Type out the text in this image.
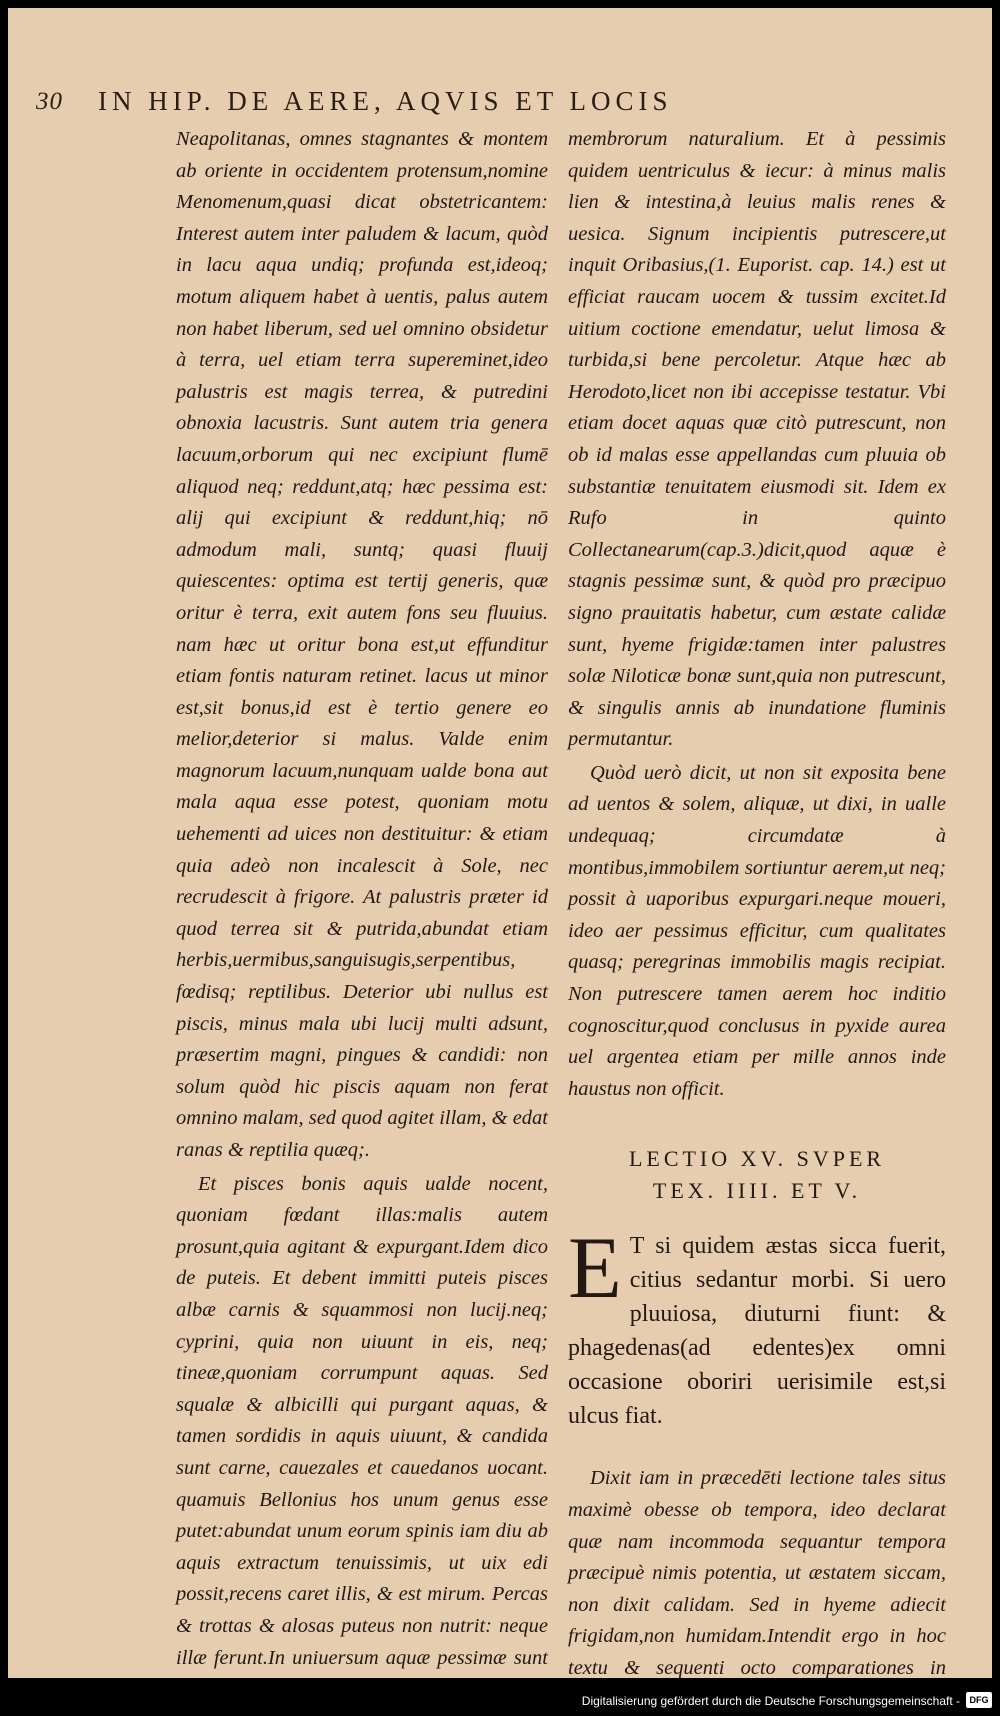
30 IN HIP. DE AERE, AQVIS ET LOCIS

Neapolitanas, omnes stagnantes & montem ab oriente in occidentem protensum,nomine Menomenum,quasi dicat obstetricantem: Interest autem inter paludem & lacum, quòd in lacu aqua undiq; profunda est,ideoq; motum aliquem habet à uentis, palus autem non habet liberum, sed uel omnino obsidetur à terra, uel etiam terra supereminet,ideo palustris est magis terrea, & putredini obnoxia lacustris. Sunt autem tria genera lacuum,orborum qui nec excipiunt flumē aliquod neq; reddunt,atq; hæc pessima est: alij qui excipiunt & reddunt,hiq; nō admodum mali, suntq; quasi fluuij quiescentes: optima est tertij generis, quæ oritur è terra, exit autem fons seu fluuius. nam hæc ut oritur bona est,ut effunditur etiam fontis naturam retinet. lacus ut minor est,sit bonus,id est è tertio genere eo melior,deterior si malus. Valde enim magnorum lacuum,nunquam ualde bona aut mala aqua esse potest, quoniam motu uehementi ad uices non destituitur: & etiam quia adeò non incalescit à Sole, nec recrudescit à frigore. At palustris præter id quod terrea sit & putrida,abundat etiam herbis,uermibus,sanguisugis,serpentibus, fœdisq; reptilibus. Deterior ubi nullus est piscis, minus mala ubi lucij multi adsunt, præsertim magni, pingues & candidi: non solum quòd hic piscis aquam non ferat omnino malam, sed quod agitet illam, & edat ranas & reptilia quæq;.

Et pisces bonis aquis ualde nocent, quoniam fœdant illas:malis autem prosunt,quia agitant & expurgant.Idem dico de puteis. Et debent immitti puteis pisces albæ carnis & squammosi non lucij.neq; cyprini, quia non uiuunt in eis, neq; tineæ,quoniam corrumpunt aquas. Sed squalæ & albicilli qui purgant aquas, & tamen sordidis in aquis uiuunt, & candida sunt carne, cauezales et cauedanos uocant. quamuis Bellonius hos unum genus esse putet:abundat unum eorum spinis iam diu ab aquis extractum tenuissimis, ut uix edi possit,recens caret illis, & est mirum. Percas & trottas & alosas puteus non nutrit: neque illæ ferunt.In uniuersum aquæ pessimæ sunt

membrorum naturalium. Et à pessimis quidem uentriculus & iecur: à minus malis lien & intestina,à leuius malis renes & uesica. Signum incipientis putrescere,ut inquit Oribasius,(1. Euporist. cap. 14.) est ut efficiat raucam uocem & tussim excitet.Id uitium coctione emendatur, uelut limosa & turbida,si bene percoletur. Atque hæc ab Herodoto,licet non ibi accepisse testatur. Vbi etiam docet aquas quæ citò putrescunt, non ob id malas esse appellandas cum pluuia ob substantiæ tenuitatem eiusmodi sit. Idem ex Rufo in quinto Collectanearum(cap.3.)dicit,quod aquæ è stagnis pessimæ sunt, & quòd pro præcipuo signo prauitatis habetur, cum æstate calidæ sunt, hyeme frigidæ:tamen inter palustres solæ Niloticæ bonæ sunt,quia non putrescunt, & singulis annis ab inundatione fluminis permutantur.

Quòd uerò dicit, ut non sit exposita bene ad uentos & solem, aliquæ, ut dixi, in ualle undequaq; circumdatæ à montibus,immobilem sortiuntur aerem,ut neq; possit à uaporibus expurgari.neque moueri, ideo aer pessimus efficitur, cum qualitates quasq; peregrinas immobilis magis recipiat. Non putrescere tamen aerem hoc inditio cognoscitur,quod conclusus in pyxide aurea uel argentea etiam per mille annos inde haustus non officit.

LECTIO XV. SVPER
TEX. IIII. ET V.
E T si quidem æstas sicca fuerit, citius sedantur morbi. Si uero pluuiosa, diuturni fiunt: & phagedenas(ad edentes)ex omni occasione oboriri uerisimile est,si ulcus fiat.

Dixit iam in præcedēti lectione tales situs maximè obesse ob tempora, ideo declarat quæ nam incommoda sequantur tempora præcipuè nimis potentia, ut æstatem siccam, non dixit calidam. Sed in hyeme adiecit frigidam,non humidam.Intendit ergo in hoc textu & sequenti octo comparationes in

Digitalisierung gefördert durch die Deutsche Forschungsgemeinschaft -	DFG
